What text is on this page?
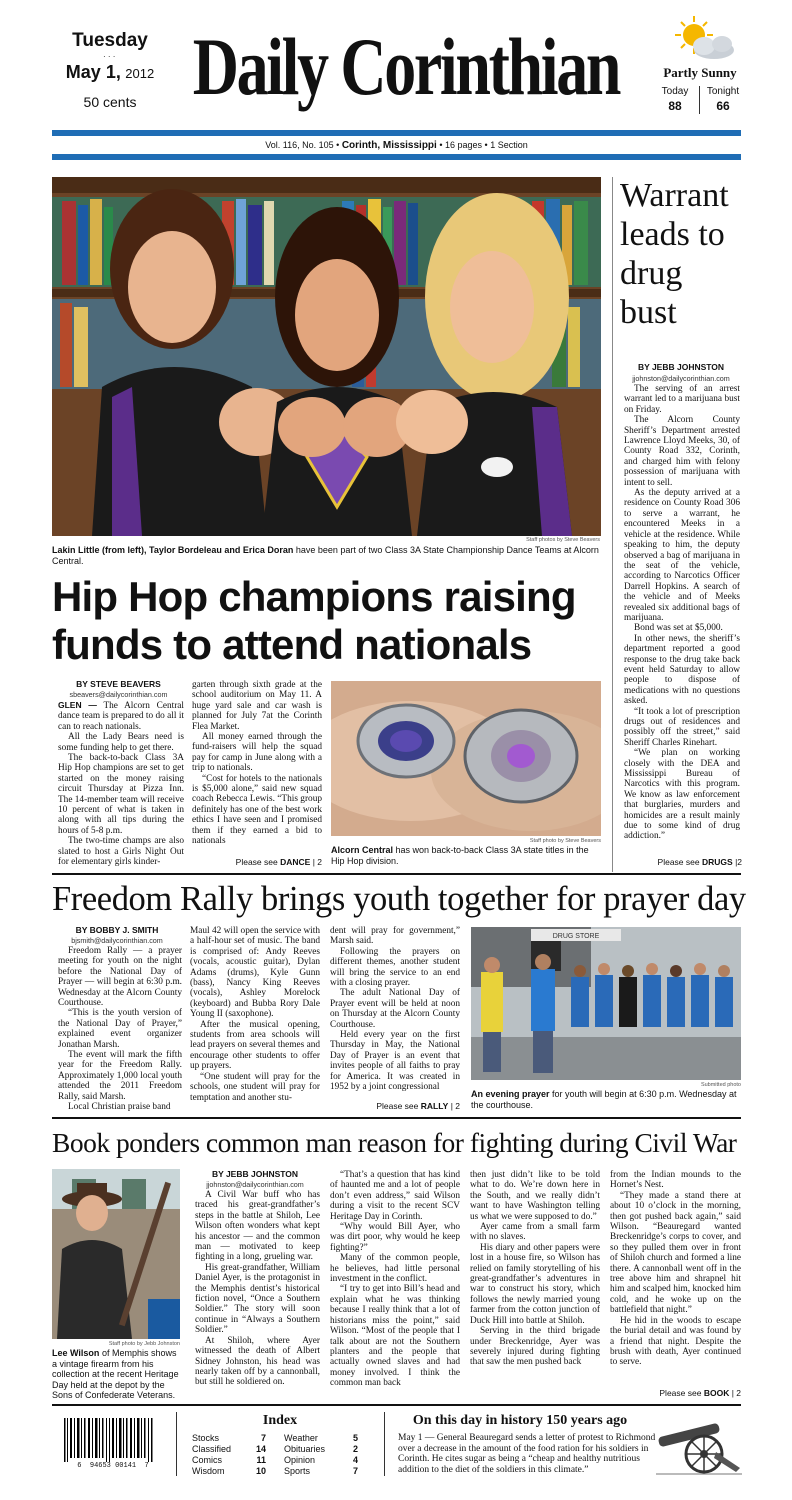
Tuesday
· · ·
May 1, 2012
50 cents Daily Corinthian	Partly Sunny
Today
88
Tonight
66
Vol. 116, No. 105 • Corinth, Mississippi • 16 pages • 1 Section
Staff photos by Steve Beavers
Lakin Little (from left), Taylor Bordeleau and Erica Doran have been part of two Class 3A State Championship Dance Teams at Alcorn Central.
Hip Hop champions raising funds to attend nationals
BY STEVE BEAVERS
sbeavers@dailycorinthian.com

GLEN — The Alcorn Central dance team is prepared to do all it can to reach nationals.

All the Lady Bears need is some funding help to get there.

The back-to-back Class 3A Hip Hop champions are set to get started on the money raising circuit Thursday at Pizza Inn. The 14-member team will receive 10 percent of what is taken in along with all tips during the hours of 5-8 p.m.

The two-time champs are also slated to host a Girls Night Out for elementary girls kinder-

garten through sixth grade at the school auditorium on May 11. A huge yard sale and car wash is planned for July 7at the Corinth Flea Market.

All money earned through the fund-raisers will help the squad pay for camp in June along with a trip to nationals.

“Cost for hotels to the nationals is $5,000 alone,” said new squad coach Rebecca Lewis. “This group definitely has one of the best work ethics I have seen and I promised them if they earned a bid to nationals

Please see DANCE | 2
Staff photo by Steve Beavers
Alcorn Central has won back-to-back Class 3A state titles in the Hip Hop division.
Warrant leads to drug bust
BY JEBB JOHNSTON
jjohnston@dailycorinthian.com

The serving of an arrest warrant led to a marijuana bust on Friday.

The Alcorn County Sheriff’s Department arrested Lawrence Lloyd Meeks, 30, of County Road 332, Corinth, and charged him with felony possession of marijuana with intent to sell.

As the deputy arrived at a residence on County Road 306 to serve a warrant, he encountered Meeks in a vehicle at the residence. While speaking to him, the deputy observed a bag of marijuana in the seat of the vehicle, according to Narcotics Officer Darrell Hopkins. A search of the vehicle and of Meeks revealed six additional bags of marijuana.

Bond was set at $5,000.

In other news, the sheriff’s department reported a good response to the drug take back event held Saturday to allow people to dispose of medications with no questions asked.

“It took a lot of prescription drugs out of residences and possibly off the street,” said Sheriff Charles Rinehart.

“We plan on working closely with the DEA and Mississippi Bureau of Narcotics with this program. We know as law enforcement that burglaries, murders and homicides are a result mainly due to some kind of drug addiction.”

Please see DRUGS |2
Freedom Rally brings youth together for prayer day
BY BOBBY J. SMITH
bjsmith@dailycorinthian.com

Freedom Rally — a prayer meeting for youth on the night before the National Day of Prayer — will begin at 6:30 p.m. Wednesday at the Alcorn County Courthouse.

“This is the youth version of the National Day of Prayer,” explained event organizer Jonathan Marsh.

The event will mark the fifth year for the Freedom Rally. Approximately 1,000 local youth attended the 2011 Freedom Rally, said Marsh.

Local Christian praise band

Maul 42 will open the service with a half-hour set of music. The band is comprised of: Andy Reeves (vocals, acoustic guitar), Dylan Adams (drums), Kyle Gunn (bass), Nancy King Reeves (vocals), Ashley Morelock (keyboard) and Bubba Rory Dale Young II (saxophone).

After the musical opening, students from area schools will lead prayers on several themes and encourage other students to offer up prayers.

“One student will pray for the schools, one student will pray for temptation and another stu-

dent will pray for government,” Marsh said.

Following the prayers on different themes, another student will bring the service to an end with a closing prayer.

The adult National Day of Prayer event will be held at noon on Thursday at the Alcorn County Courthouse.

Held every year on the first Thursday in May, the National Day of Prayer is an event that invites people of all faiths to pray for America. It was created in 1952 by a joint congressional

Please see RALLY | 2
DRUG STORE
Submitted photo
An evening prayer for youth will begin at 6:30 p.m. Wednesday at the courthouse.
Book ponders common man reason for fighting during Civil War
Staff photo by Jebb Johnston
Lee Wilson of Memphis shows a vintage firearm from his collection at the recent Heritage Day held at the depot by the Sons of Confederate Veterans.
BY JEBB JOHNSTON
jjohnston@dailycorinthian.com

A Civil War buff who has traced his great-grandfather’s steps in the battle at Shiloh, Lee Wilson often wonders what kept his ancestor — and the common man — motivated to keep fighting in a long, grueling war.

His great-grandfather, William Daniel Ayer, is the protagonist in the Memphis dentist’s historical fiction novel, “Once a Southern Soldier.” The story will soon continue in “Always a Southern Soldier.”

At Shiloh, where Ayer witnessed the death of Albert Sidney Johnston, his head was nearly taken off by a cannonball, but still he soldiered on.

“That’s a question that has kind of haunted me and a lot of people don’t even address,” said Wilson during a visit to the recent SCV Heritage Day in Corinth.

“Why would Bill Ayer, who was dirt poor, why would he keep fighting?”

Many of the common people, he believes, had little personal investment in the conflict.

“I try to get into Bill’s head and explain what he was thinking because I really think that a lot of historians miss the point,” said Wilson. “Most of the people that I talk about are not the Southern planters and the people that actually owned slaves and had money involved. I think the common man back

then just didn’t like to be told what to do. We’re down here in the South, and we really didn’t want to have Washington telling us what we were supposed to do.”

Ayer came from a small farm with no slaves.

His diary and other papers were lost in a house fire, so Wilson has relied on family storytelling of his great-grandfather’s adventures in war to construct his story, which follows the newly married young farmer from the cotton junction of Duck Hill into battle at Shiloh.

Serving in the third brigade under Breckenridge, Ayer was severely injured during fighting that saw the men pushed back

from the Indian mounds to the Hornet’s Nest.

“They made a stand there at about 10 o’clock in the morning, then got pushed back again,” said Wilson. “Beauregard wanted Breckenridge’s corps to cover, and so they pulled them over in front of Shiloh church and formed a line there. A cannonball went off in the tree above him and shrapnel hit him and scalped him, knocked him cold, and he woke up on the battlefield that night.”

He hid in the woods to escape the burial detail and was found by a friend that night. Despite the brush with death, Ayer continued to serve.

Please see BOOK | 2
6  94653 00141  7
Index
Stocks	7
Classified	14
Comics	11
Wisdom	10
Weather	5
Obituaries	2
Opinion	4
Sports	7
On this day in history 150 years ago
May 1 — General Beauregard sends a letter of protest to Richmond over a decrease in the amount of the food ration for his soldiers in Corinth. He cites sugar as being a “cheap and healthy nutritious addition to the diet of the soldiers in this climate.”
